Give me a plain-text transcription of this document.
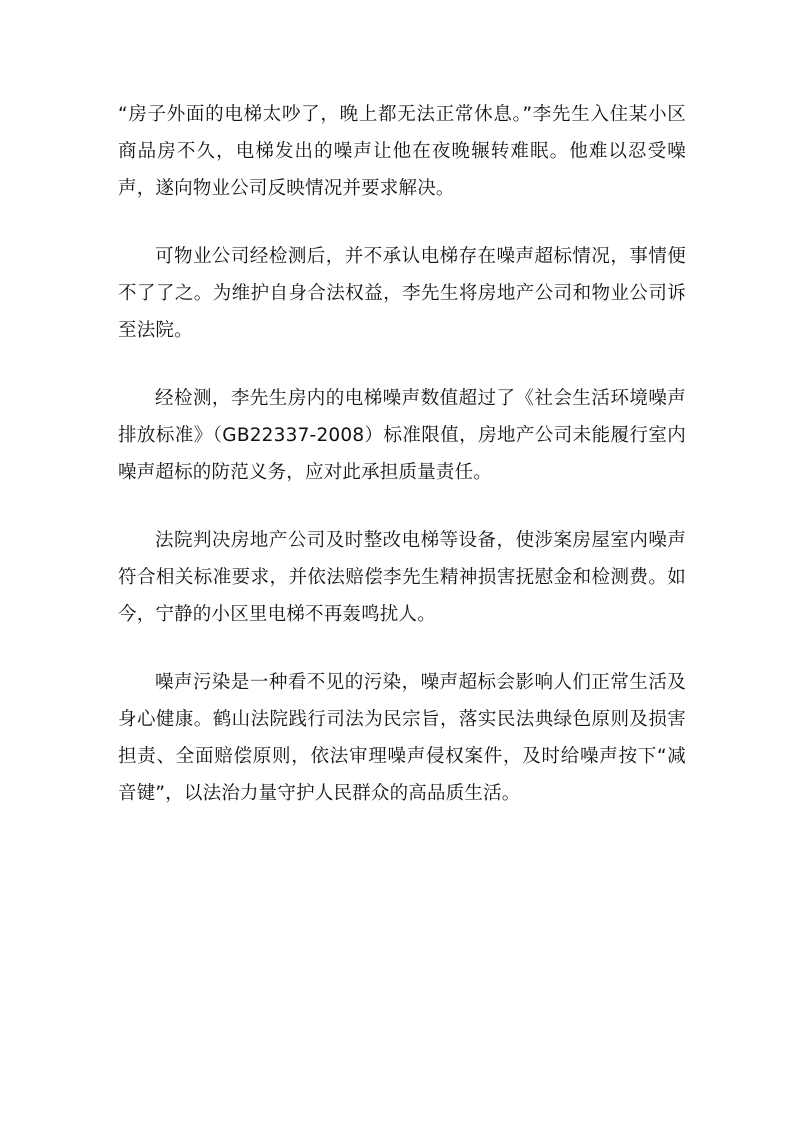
“房子外面的电梯太吵了，晚上都无法正常休息。”李先生入住某小区商品房不久，电梯发出的噪声让他在夜晚辗转难眠。他难以忍受噪声，遂向物业公司反映情况并要求解决。

可物业公司经检测后，并不承认电梯存在噪声超标情况，事情便不了了之。为维护自身合法权益，李先生将房地产公司和物业公司诉至法院。

经检测，李先生房内的电梯噪声数值超过了《社会生活环境噪声排放标准》（GB22337-2008）标准限值，房地产公司未能履行室内噪声超标的防范义务，应对此承担质量责任。

法院判决房地产公司及时整改电梯等设备，使涉案房屋室内噪声符合相关标准要求，并依法赔偿李先生精神损害抚慰金和检测费。如今，宁静的小区里电梯不再轰鸣扰人。

噪声污染是一种看不见的污染，噪声超标会影响人们正常生活及身心健康。鹤山法院践行司法为民宗旨，落实民法典绿色原则及损害担责、全面赔偿原则，依法审理噪声侵权案件，及时给噪声按下“减音键”，以法治力量守护人民群众的高品质生活。
